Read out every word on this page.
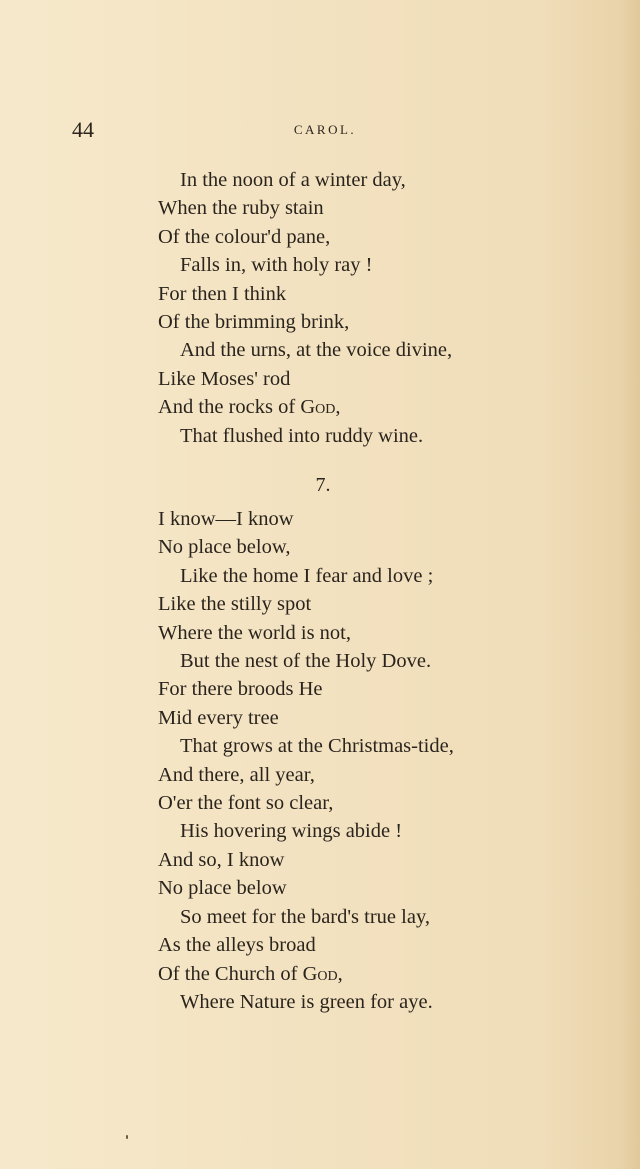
44	CAROL.
In the noon of a winter day,
When the ruby stain
Of the colour'd pane,
Falls in, with holy ray !
For then I think
Of the brimming brink,
And the urns, at the voice divine,
Like Moses' rod
And the rocks of God,
That flushed into ruddy wine.
7.
I know—I know
No place below,
Like the home I fear and love ;
Like the stilly spot
Where the world is not,
But the nest of the Holy Dove.
For there broods He
Mid every tree
That grows at the Christmas-tide,
And there, all year,
O'er the font so clear,
His hovering wings abide !
And so, I know
No place below
So meet for the bard's true lay,
As the alleys broad
Of the Church of God,
Where Nature is green for aye.
